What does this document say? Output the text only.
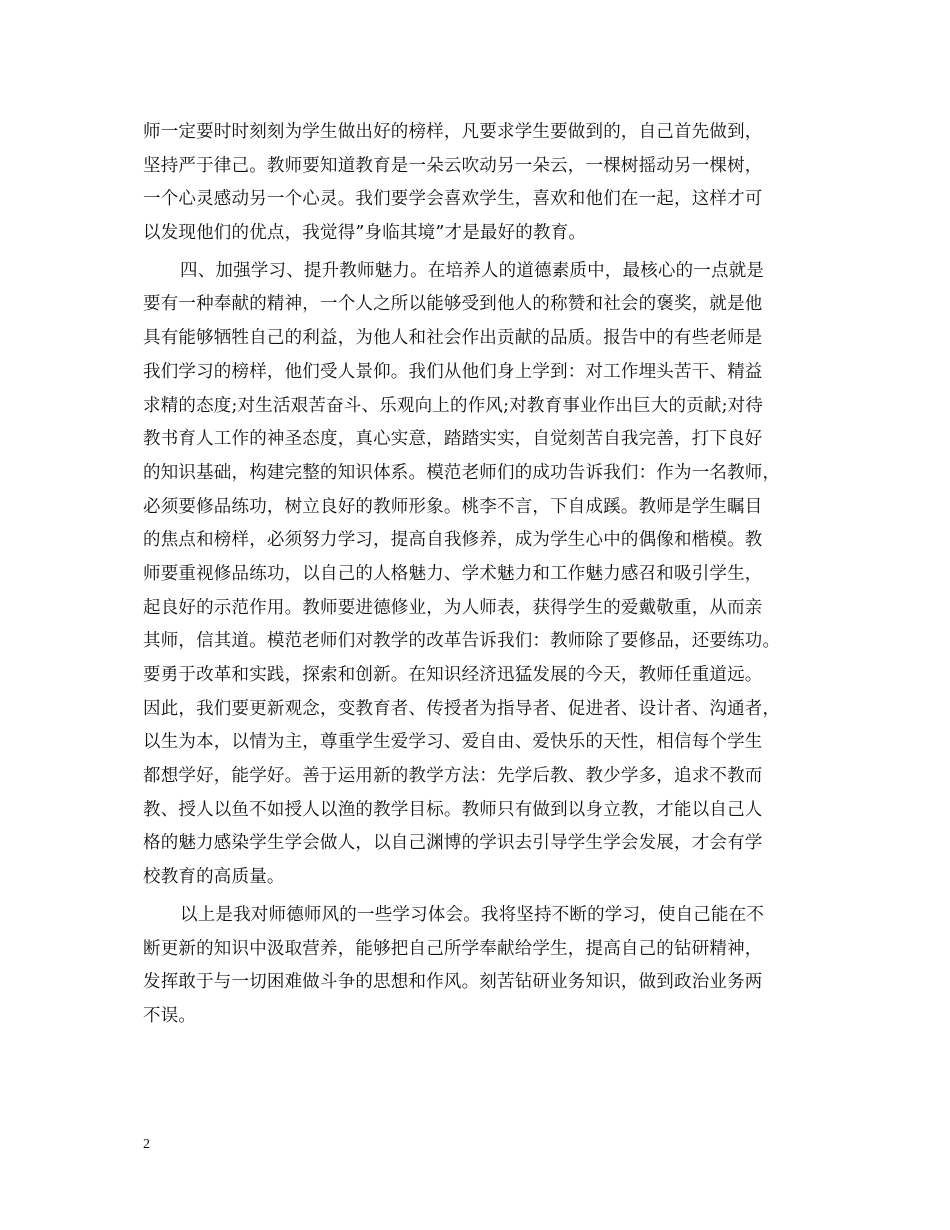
师一定要时时刻刻为学生做出好的榜样，凡要求学生要做到的，自己首先做到，
坚持严于律己。教师要知道教育是一朵云吹动另一朵云，一棵树摇动另一棵树，
一个心灵感动另一个心灵。我们要学会喜欢学生，喜欢和他们在一起，这样才可
以发现他们的优点，我觉得”身临其境”才是最好的教育。
四、加强学习、提升教师魅力。在培养人的道德素质中，最核心的一点就是
要有一种奉献的精神，一个人之所以能够受到他人的称赞和社会的褒奖，就是他
具有能够牺牲自己的利益，为他人和社会作出贡献的品质。报告中的有些老师是
我们学习的榜样，他们受人景仰。我们从他们身上学到：对工作埋头苦干、精益
求精的态度;对生活艰苦奋斗、乐观向上的作风;对教育事业作出巨大的贡献;对待
教书育人工作的神圣态度，真心实意，踏踏实实，自觉刻苦自我完善，打下良好
的知识基础，构建完整的知识体系。模范老师们的成功告诉我们：作为一名教师，
必须要修品练功，树立良好的教师形象。桃李不言，下自成蹊。教师是学生瞩目
的焦点和榜样，必须努力学习，提高自我修养，成为学生心中的偶像和楷模。教
师要重视修品练功，以自己的人格魅力、学术魅力和工作魅力感召和吸引学生，
起良好的示范作用。教师要进德修业，为人师表，获得学生的爱戴敬重，从而亲
其师，信其道。模范老师们对教学的改革告诉我们：教师除了要修品，还要练功。
要勇于改革和实践，探索和创新。在知识经济迅猛发展的今天，教师任重道远。
因此，我们要更新观念，变教育者、传授者为指导者、促进者、设计者、沟通者，
以生为本，以情为主，尊重学生爱学习、爱自由、爱快乐的天性，相信每个学生
都想学好，能学好。善于运用新的教学方法：先学后教、教少学多，追求不教而
教、授人以鱼不如授人以渔的教学目标。教师只有做到以身立教，才能以自己人
格的魅力感染学生学会做人，以自己渊博的学识去引导学生学会发展，才会有学
校教育的高质量。
以上是我对师德师风的一些学习体会。我将坚持不断的学习，使自己能在不
断更新的知识中汲取营养，能够把自己所学奉献给学生，提高自己的钻研精神，
发挥敢于与一切困难做斗争的思想和作风。刻苦钻研业务知识，做到政治业务两
不误。
2
